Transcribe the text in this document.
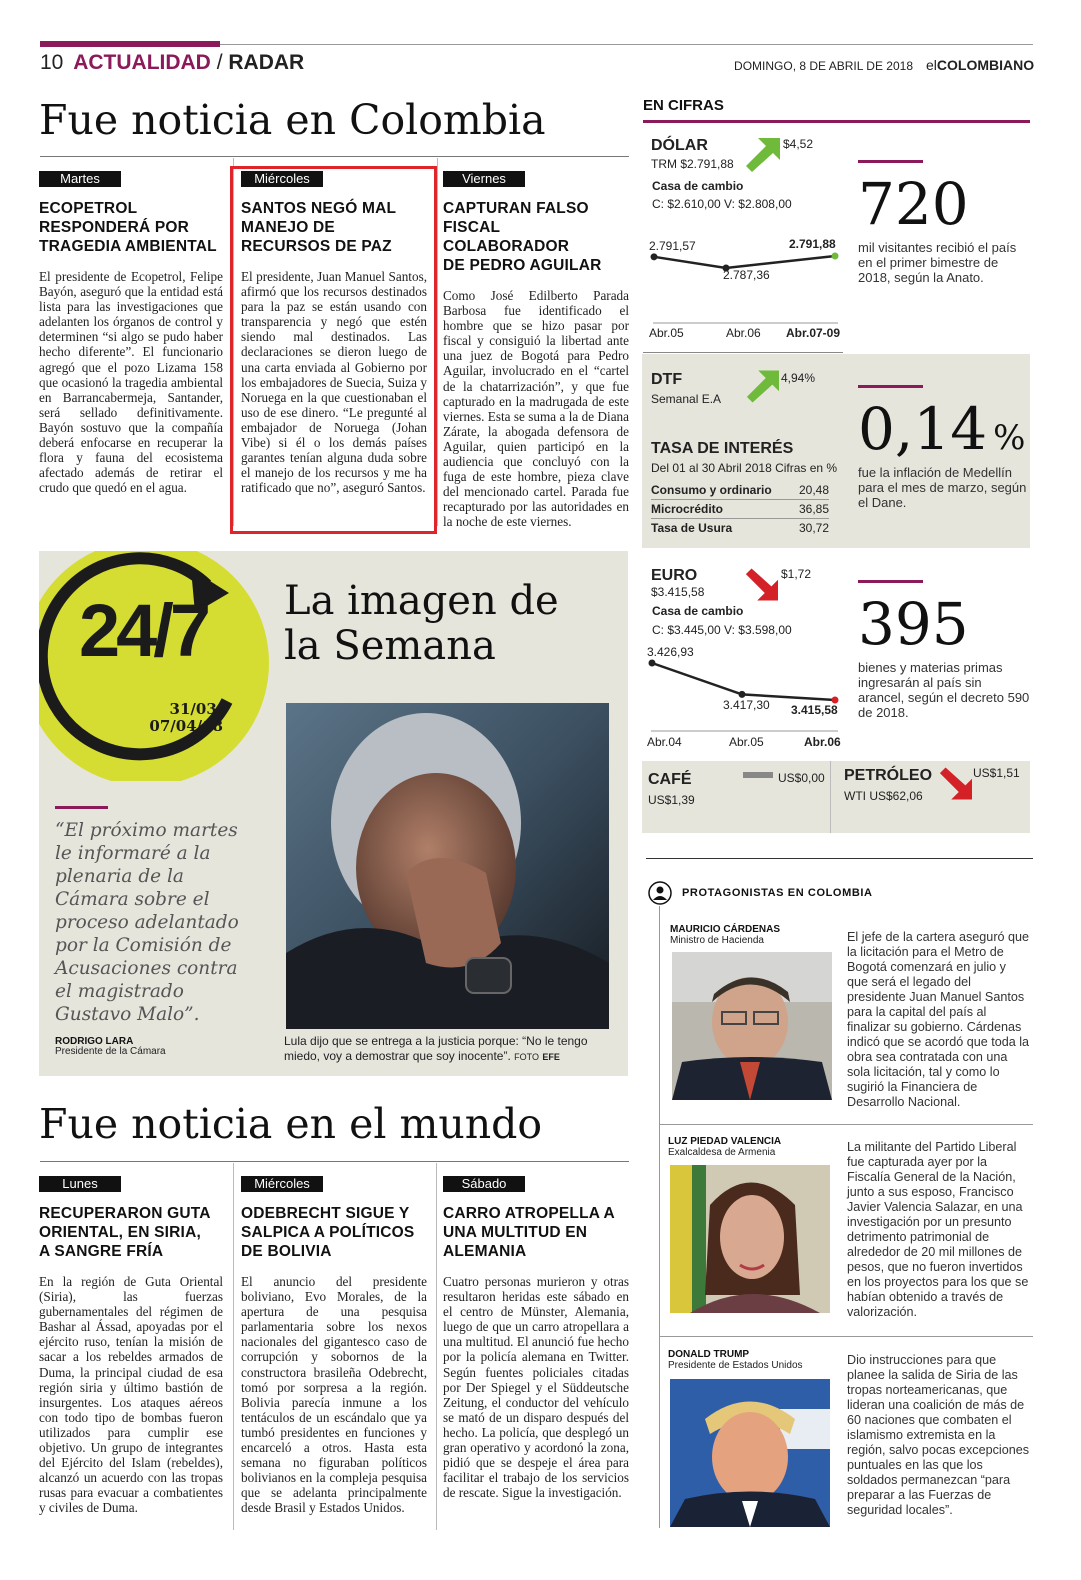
10 ACTUALIDAD / RADAR	DOMINGO, 8 DE ABRIL DE 2018 elCOLOMBIANO
Fue noticia en Colombia
Martes
ECOPETROL
RESPONDERÁ POR
TRAGEDIA AMBIENTAL
El presidente de Ecopetrol, Felipe Bayón, aseguró que la entidad está lista para las investigaciones que adelanten los órganos de control y determinen “si algo se pudo haber hecho diferente”. El funcionario agregó que el pozo Lizama 158 que ocasionó la tragedia ambiental en Barrancabermeja, Santander, será sellado definitivamente. Bayón sostuvo que la compañía deberá enfocarse en recuperar la flora y fauna del ecosistema afectado además de retirar el crudo que quedó en el agua.
Miércoles
SANTOS NEGÓ MAL
MANEJO DE
RECURSOS DE PAZ
El presidente, Juan Manuel Santos, afirmó que los recursos destinados para la paz se están usando con transparencia y negó que estén siendo mal destinados. Las declaraciones se dieron luego de una carta enviada al Gobierno por los embajadores de Suecia, Suiza y Noruega en la que cuestionaban el uso de ese dinero. “Le pregunté al embajador de Noruega (Johan Vibe) si él o los demás países garantes tenían alguna duda sobre el manejo de los recursos y me ha ratificado que no”, aseguró Santos.
Viernes
CAPTURAN FALSO
FISCAL COLABORADOR
DE PEDRO AGUILAR
Como José Edilberto Parada Barbosa fue identificado el hombre que se hizo pasar por fiscal y consiguió la libertad ante una juez de Bogotá para Pedro Aguilar, involucrado en el “cartel de la chatarrización”, y que fue capturado en la madrugada de este viernes. Esta se suma a la de Diana Zárate, la abogada defensora de Aguilar, quien participó en la audiencia que concluyó con la fuga de este hombre, pieza clave del mencionado cartel. Parada fue recapturado por las autoridades en la noche de este viernes.
EN CIFRAS
DÓLAR
TRM $2.791,88
$4,52
Casa de cambio
C: $2.610,00 V: $2.808,00
2.791,57
2.787,36
2.791,88
Abr.05	Abr.06 Abr.07-09
DTF
Semanal E.A
4,94%
TASA DE INTERÉS
Del 01 al 30 Abril 2018 Cifras en %
Consumo y ordinario 20,48
Microcrédito	36,85
Tasa de Usura	30,72
EURO
$3.415,58
$1,72
Casa de cambio
C: $3.445,00 V: $3.598,00
3.426,93
3.417,30 3.415,58
Abr.04	Abr.05	Abr.06
CAFÉ
US$1,39
US$0,00 PETRÓLEO
WTI US$62,06
US$1,51
720
mil visitantes recibió el país en el primer bimestre de 2018, según la Anato.
0,14 %
fue la inflación de Medellín para el mes de marzo, según el Dane.
395
bienes y materias primas ingresarán al país sin arancel, según el decreto 590 de 2018.
24/7
31/03-
07/04/18
La imagen de
la Semana
“El próximo martes le informaré a la plenaria de la Cámara sobre el proceso adelantado por la Comisión de Acusaciones contra el magistrado Gustavo Malo”.
RODRIGO LARA
Presidente de la Cámara
Lula dijo que se entrega a la justicia porque: “No le tengo miedo, voy a demostrar que soy inocente”. FOTO EFE
PROTAGONISTAS EN COLOMBIA
MAURICIO CÁRDENAS
Ministro de Hacienda	El jefe de la cartera aseguró que la licitación para el Metro de Bogotá comenzará en julio y que será el legado del presidente Juan Manuel Santos para la capital del país al finalizar su gobierno. Cárdenas indicó que se acordó que toda la obra sea contratada con una sola licitación, tal y como lo sugirió la Financiera de Desarrollo Nacional.
LUZ PIEDAD VALENCIA
Exalcaldesa de Armenia	La militante del Partido Liberal fue capturada ayer por la Fiscalía General de la Nación, junto a sus esposo, Francisco Javier Valencia Salazar, en una investigación por un presunto detrimento patrimonial de alrededor de 20 mil millones de pesos, que no fueron invertidos en los proyectos para los que se habían obtenido a través de valorización.
DONALD TRUMP
Presidente de Estados Unidos	Dio instrucciones para que planee la salida de Siria de las tropas norteamericanas, que lideran una coalición de más de 60 naciones que combaten el islamismo extremista en la región, salvo pocas excepciones puntuales en las que los soldados permanezcan “para preparar a las Fuerzas de seguridad locales”.
Fue noticia en el mundo
Lunes
RECUPERARON GUTA
ORIENTAL, EN SIRIA,
A SANGRE FRÍA
En la región de Guta Oriental (Siria), las fuerzas gubernamentales del régimen de Bashar al Ássad, apoyadas por el ejército ruso, tenían la misión de sacar a los rebeldes armados de Duma, la principal ciudad de esa región siria y último bastión de insurgentes. Los ataques aéreos con todo tipo de bombas fueron utilizados para cumplir ese objetivo. Un grupo de integrantes del Ejército del Islam (rebeldes), alcanzó un acuerdo con las tropas rusas para evacuar a combatientes y civiles de Duma.
Miércoles
ODEBRECHT SIGUE Y
SALPICA A POLÍTICOS
DE BOLIVIA
El anuncio del presidente boliviano, Evo Morales, de la apertura de una pesquisa parlamentaria sobre los nexos nacionales del gigantesco caso de corrupción y sobornos de la constructora brasileña Odebrecht, tomó por sorpresa a la región. Bolivia parecía inmune a los tentáculos de un escándalo que ya tumbó presidentes en funciones y encarceló a otros. Hasta esta semana no figuraban políticos bolivianos en la compleja pesquisa que se adelanta principalmente desde Brasil y Estados Unidos.
Sábado
CARRO ATROPELLA A
UNA MULTITUD EN
ALEMANIA
Cuatro personas murieron y otras resultaron heridas este sábado en el centro de Münster, Alemania, luego de que un carro atropellara a una multitud. El anunció fue hecho por la policía alemana en Twitter. Según fuentes policiales citadas por Der Spiegel y el Süddeutsche Zeitung, el conductor del vehículo se mató de un disparo después del hecho. La policía, que desplegó un gran operativo y acordonó la zona, pidió que se despeje el área para facilitar el trabajo de los servicios de rescate. Sigue la investigación.
